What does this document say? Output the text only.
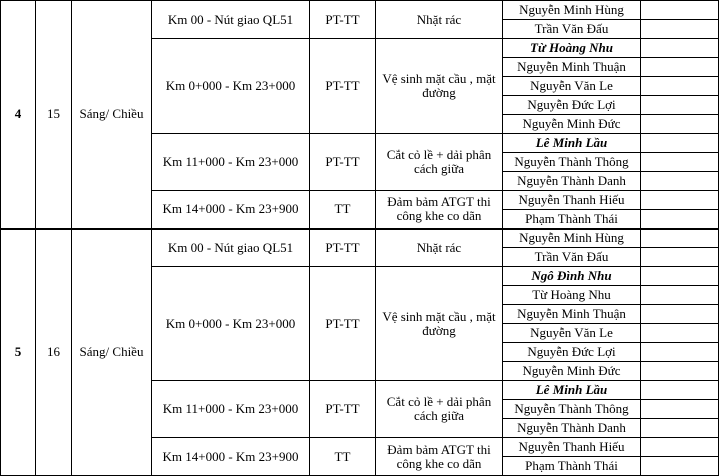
4	15	Sáng/ Chiều	Km 00 - Nút giao QL51	PT-TT	Nhặt rác	Nguyễn Minh Hùng	
						Trần Văn Đấu	
			Km 0+000 - Km 23+000	PT-TT	Vệ sinh mặt cầu , mặt đường	Từ Hoàng Nhu	
						Nguyễn Minh Thuận	
						Nguyễn Văn Le	
						Nguyễn Đức Lợi	
						Nguyễn Minh Đức	
			Km 11+000 - Km 23+000	PT-TT	Cắt cỏ lề + dải phân cách giữa	Lê Minh Lầu	
						Nguyễn Thành Thông	
						Nguyễn Thành Danh	
			Km 14+000 - Km 23+900	TT	Đảm bảm ATGT thi công khe co dãn	Nguyễn Thanh Hiếu	
						Phạm Thành Thái	
5	16	Sáng/ Chiều	Km 00 - Nút giao QL51	PT-TT	Nhặt rác	Nguyễn Minh Hùng	
						Trần Văn Đấu	
			Km 0+000 - Km 23+000	PT-TT	Vệ sinh mặt cầu , mặt đường	Ngô Đình Nhu	
						Từ Hoàng Nhu	
						Nguyễn Minh Thuận	
						Nguyễn Văn Le	
						Nguyễn Đức Lợi	
						Nguyễn Minh Đức	
			Km 11+000 - Km 23+000	PT-TT	Cắt cỏ lề + dải phân cách giữa	Lê Minh Lầu	
						Nguyễn Thành Thông	
						Nguyễn Thành Danh	
			Km 14+000 - Km 23+900	TT	Đảm bảm ATGT thi công khe co dãn	Nguyễn Thanh Hiếu	
						Phạm Thành Thái	
